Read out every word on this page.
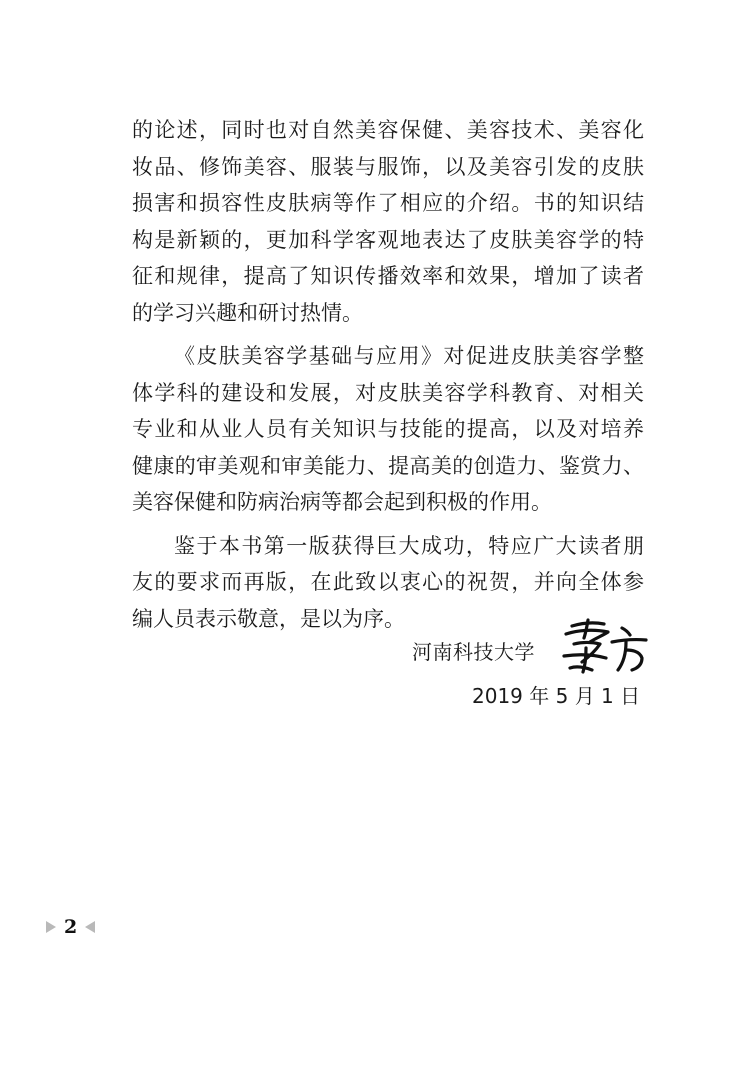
的论述，同时也对自然美容保健、美容技术、美容化
妆品、修饰美容、服装与服饰，以及美容引发的皮肤
损害和损容性皮肤病等作了相应的介绍。书的知识结
构是新颖的，更加科学客观地表达了皮肤美容学的特
征和规律，提高了知识传播效率和效果，增加了读者
的学习兴趣和研讨热情。

《皮肤美容学基础与应用》对促进皮肤美容学整
体学科的建设和发展，对皮肤美容学科教育、对相关
专业和从业人员有关知识与技能的提高，以及对培养
健康的审美观和审美能力、提高美的创造力、鉴赏力、
美容保健和防病治病等都会起到积极的作用。

鉴于本书第一版获得巨大成功，特应广大读者朋
友的要求而再版，在此致以衷心的祝贺，并向全体参
编人员表示敬意，是以为序。

河南科技大学
2019 年 5 月 1 日
2
